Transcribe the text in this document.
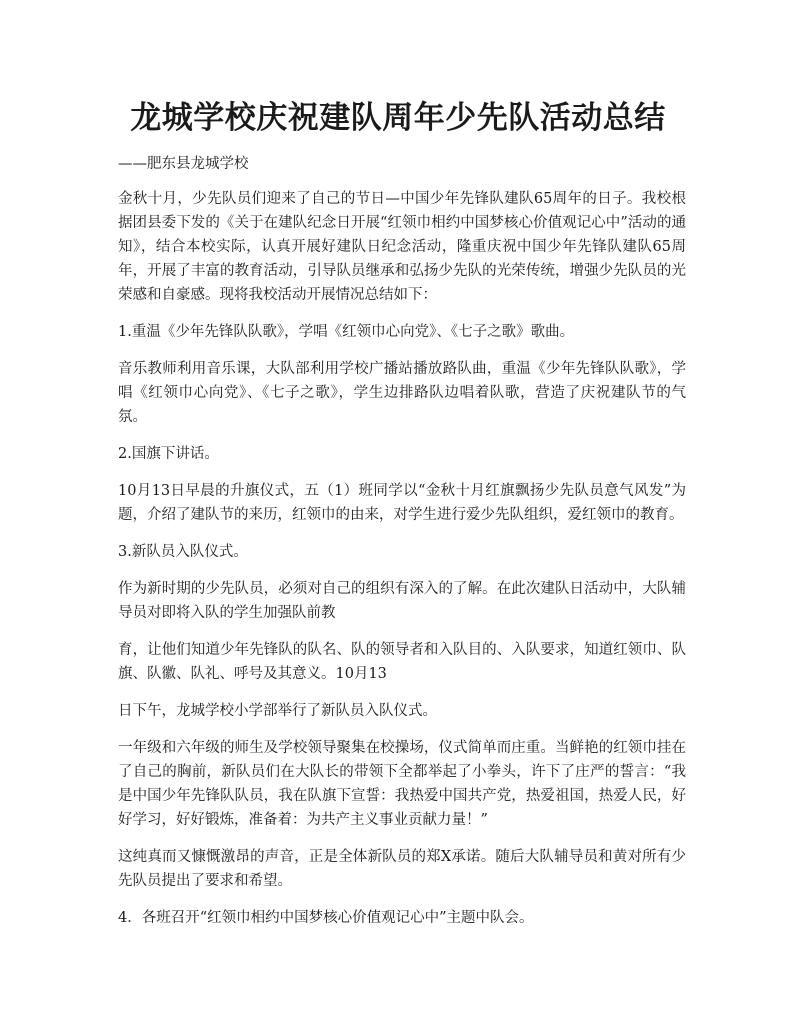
龙城学校庆祝建队周年少先队活动总结

——肥东县龙城学校

金秋十月，少先队员们迎来了自己的节日—中国少年先锋队建队65周年的日子。我校根据团县委下发的《关于在建队纪念日开展“红领巾相约中国梦核心价值观记心中”活动的通知》，结合本校实际，认真开展好建队日纪念活动，隆重庆祝中国少年先锋队建队65周年，开展了丰富的教育活动，引导队员继承和弘扬少先队的光荣传统，增强少先队员的光荣感和自豪感。现将我校活动开展情况总结如下：

1.重温《少年先锋队队歌》，学唱《红领巾心向党》、《七子之歌》歌曲。

音乐教师利用音乐课，大队部利用学校广播站播放路队曲，重温《少年先锋队队歌》，学唱《红领巾心向党》、《七子之歌》，学生边排路队边唱着队歌，营造了庆祝建队节的气氛。

2.国旗下讲话。

10月13日早晨的升旗仪式，五（1）班同学以“金秋十月红旗飘扬少先队员意气风发”为题，介绍了建队节的来历，红领巾的由来，对学生进行爱少先队组织，爱红领巾的教育。

3.新队员入队仪式。

作为新时期的少先队员，必须对自己的组织有深入的了解。在此次建队日活动中，大队辅导员对即将入队的学生加强队前教

育，让他们知道少年先锋队的队名、队的领导者和入队目的、入队要求，知道红领巾、队旗、队徽、队礼、呼号及其意义。10月13

日下午，龙城学校小学部举行了新队员入队仪式。

一年级和六年级的师生及学校领导聚集在校操场，仪式简单而庄重。当鲜艳的红领巾挂在了自己的胸前，新队员们在大队长的带领下全都举起了小拳头，许下了庄严的誓言：“我是中国少年先锋队队员，我在队旗下宣誓：我热爱中国共产党，热爱祖国，热爱人民，好好学习，好好锻炼，准备着：为共产主义事业贡献力量！”

这纯真而又慷慨激昂的声音，正是全体新队员的郑X承诺。随后大队辅导员和黄对所有少先队员提出了要求和希望。

4．各班召开“红领巾相约中国梦核心价值观记心中”主题中队会。
